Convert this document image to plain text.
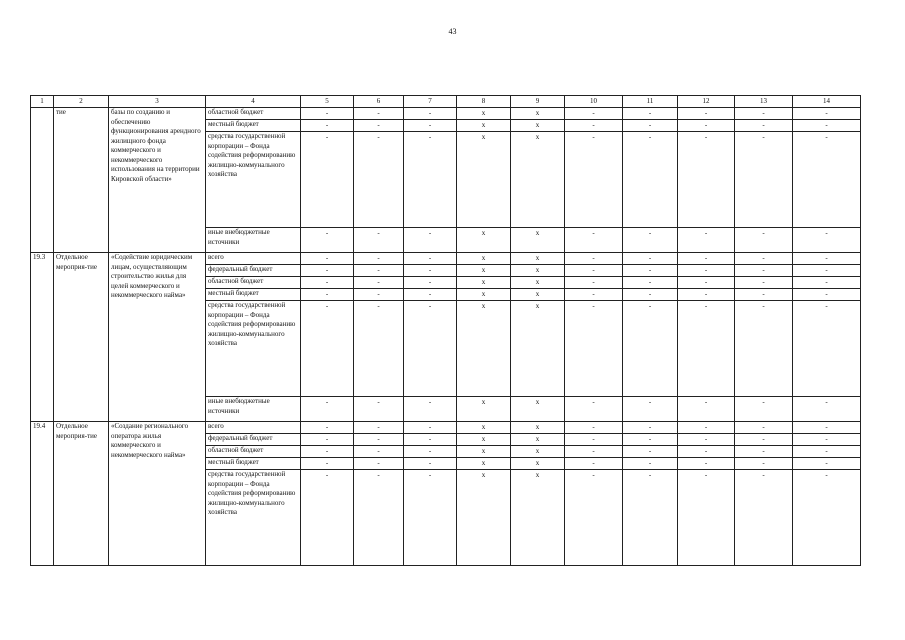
43
1	2	3	4	5	6	7	8	9	10	11	12	13	14
	тие	базы по созданию и обеспечению функционирования арендного жилищного фонда коммерческого и некоммерческого использования на территории Кировской области»	областной бюджет	-	-	-	x	x	-	-	-	-	-
			местный бюджет	-	-	-	x	x	-	-	-	-	-
			средства государственной корпорации – Фонда содействия реформированию жилищно-коммунального хозяйства	-	-	-	x	x	-	-	-	-	-
			иные внебюджетные источники	-	-	-	x	x	-	-	-	-	-
19.3	Отдельное мероприя-тие	«Содействие юридическим лицам, осуществляющим строительство жилья для целей коммерческого и некоммерческого найма»	всего	-	-	-	x	x	-	-	-	-	-
			федеральный бюджет	-	-	-	x	x	-	-	-	-	-
			областной бюджет	-	-	-	x	x	-	-	-	-	-
			местный бюджет	-	-	-	x	x	-	-	-	-	-
			средства государственной корпорации – Фонда содействия реформированию жилищно-коммунального хозяйства	-	-	-	x	x	-	-	-	-	-
			иные внебюджетные источники	-	-	-	x	x	-	-	-	-	-
19.4	Отдельное мероприя-тие	«Создание регионального оператора жилья коммерческого и некоммерческого найма»	всего	-	-	-	x	x	-	-	-	-	-
			федеральный бюджет	-	-	-	x	x	-	-	-	-	-
			областной бюджет	-	-	-	x	x	-	-	-	-	-
			местный бюджет	-	-	-	x	x	-	-	-	-	-
			средства государственной корпорации – Фонда содействия реформированию жилищно-коммунального хозяйства	-	-	-	x	x	-	-	-	-	-
